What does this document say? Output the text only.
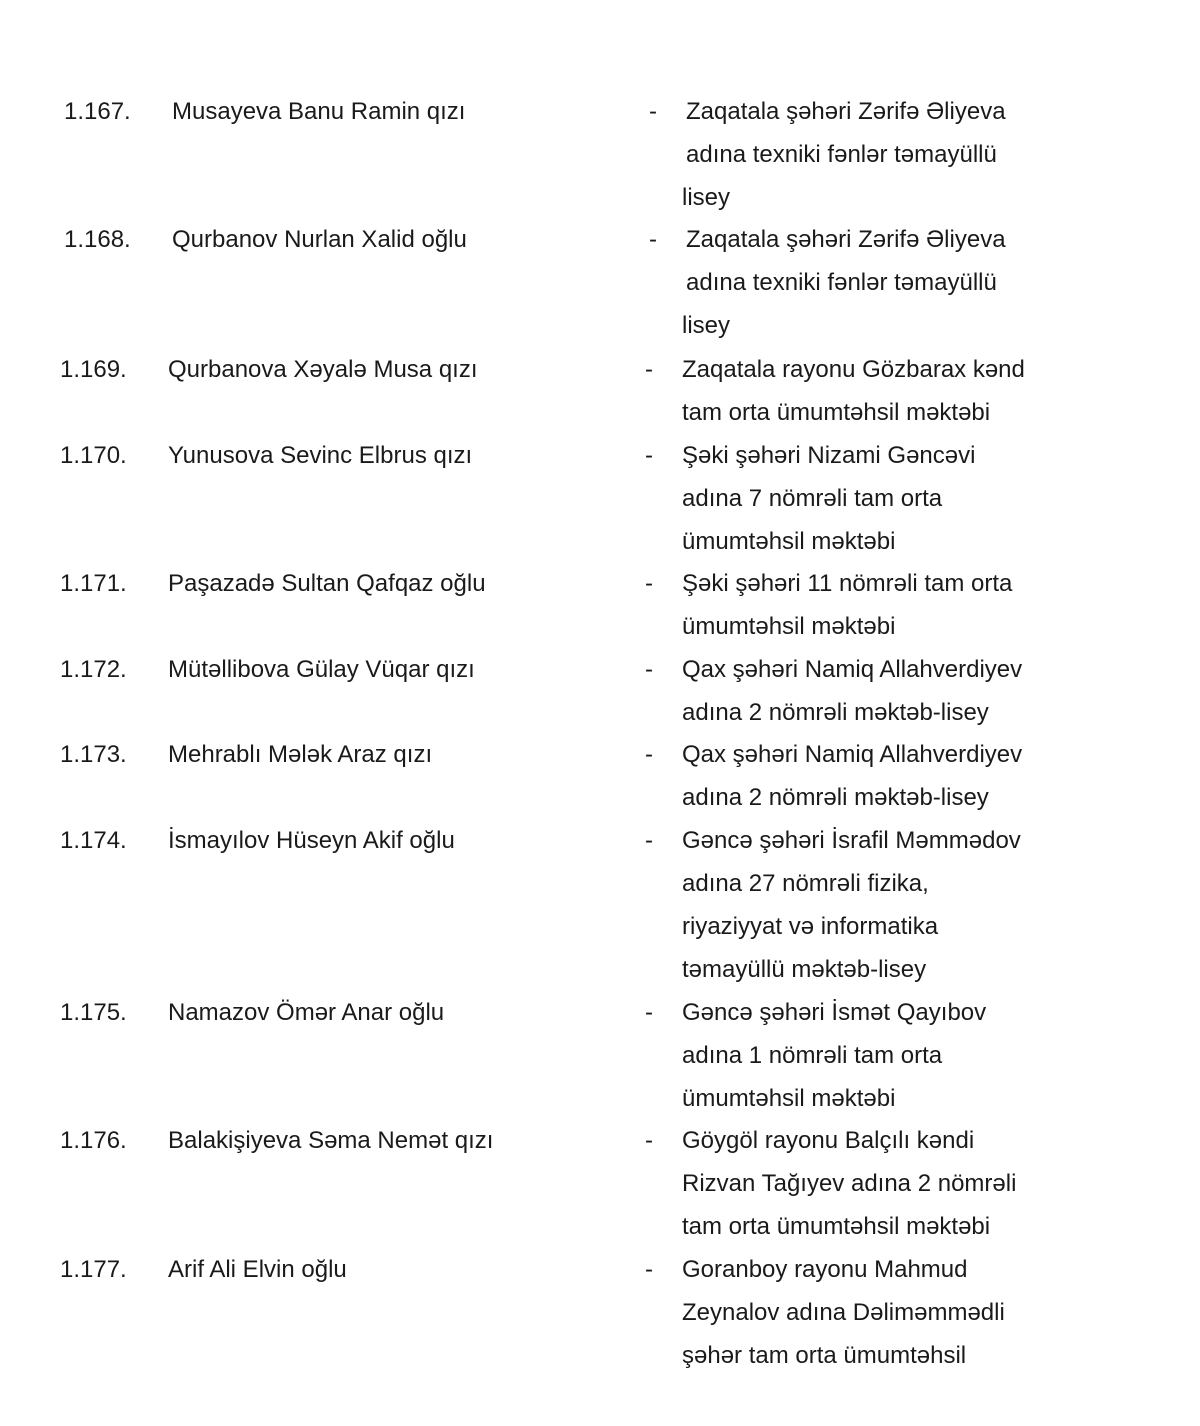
1.167. Musayeva Banu Ramin qızı	- Zaqatala şəhəri Zərifə Əliyeva
adına texniki fənlər təmayüllü
lisey
1.168. Qurbanov Nurlan Xalid oğlu	- Zaqatala şəhəri Zərifə Əliyeva
adına texniki fənlər təmayüllü
lisey
1.169. Qurbanova Xəyalə Musa qızı	- Zaqatala rayonu Gözbarax kənd
tam orta ümumtəhsil məktəbi
1.170. Yunusova Sevinc Elbrus qızı	- Şəki şəhəri Nizami Gəncəvi
adına 7 nömrəli tam orta
ümumtəhsil məktəbi
1.171. Paşazadə Sultan Qafqaz oğlu	- Şəki şəhəri 11 nömrəli tam orta
ümumtəhsil məktəbi
1.172. Mütəllibova Gülay Vüqar qızı	- Qax şəhəri Namiq Allahverdiyev
adına 2 nömrəli məktəb-lisey
1.173. Mehrablı Mələk Araz qızı	- Qax şəhəri Namiq Allahverdiyev
adına 2 nömrəli məktəb-lisey
1.174. İsmayılov Hüseyn Akif oğlu	- Gəncə şəhəri İsrafil Məmmədov
adına 27 nömrəli fizika,
riyaziyyat və informatika
təmayüllü məktəb-lisey
1.175. Namazov Ömər Anar oğlu	- Gəncə şəhəri İsmət Qayıbov
adına 1 nömrəli tam orta
ümumtəhsil məktəbi
1.176. Balakişiyeva Səma Nemət qızı	- Göygöl rayonu Balçılı kəndi
Rizvan Tağıyev adına 2 nömrəli
tam orta ümumtəhsil məktəbi
1.177. Arif Ali Elvin oğlu	- Goranboy rayonu Mahmud
Zeynalov adına Dəliməmmədli
şəhər tam orta ümumtəhsil
